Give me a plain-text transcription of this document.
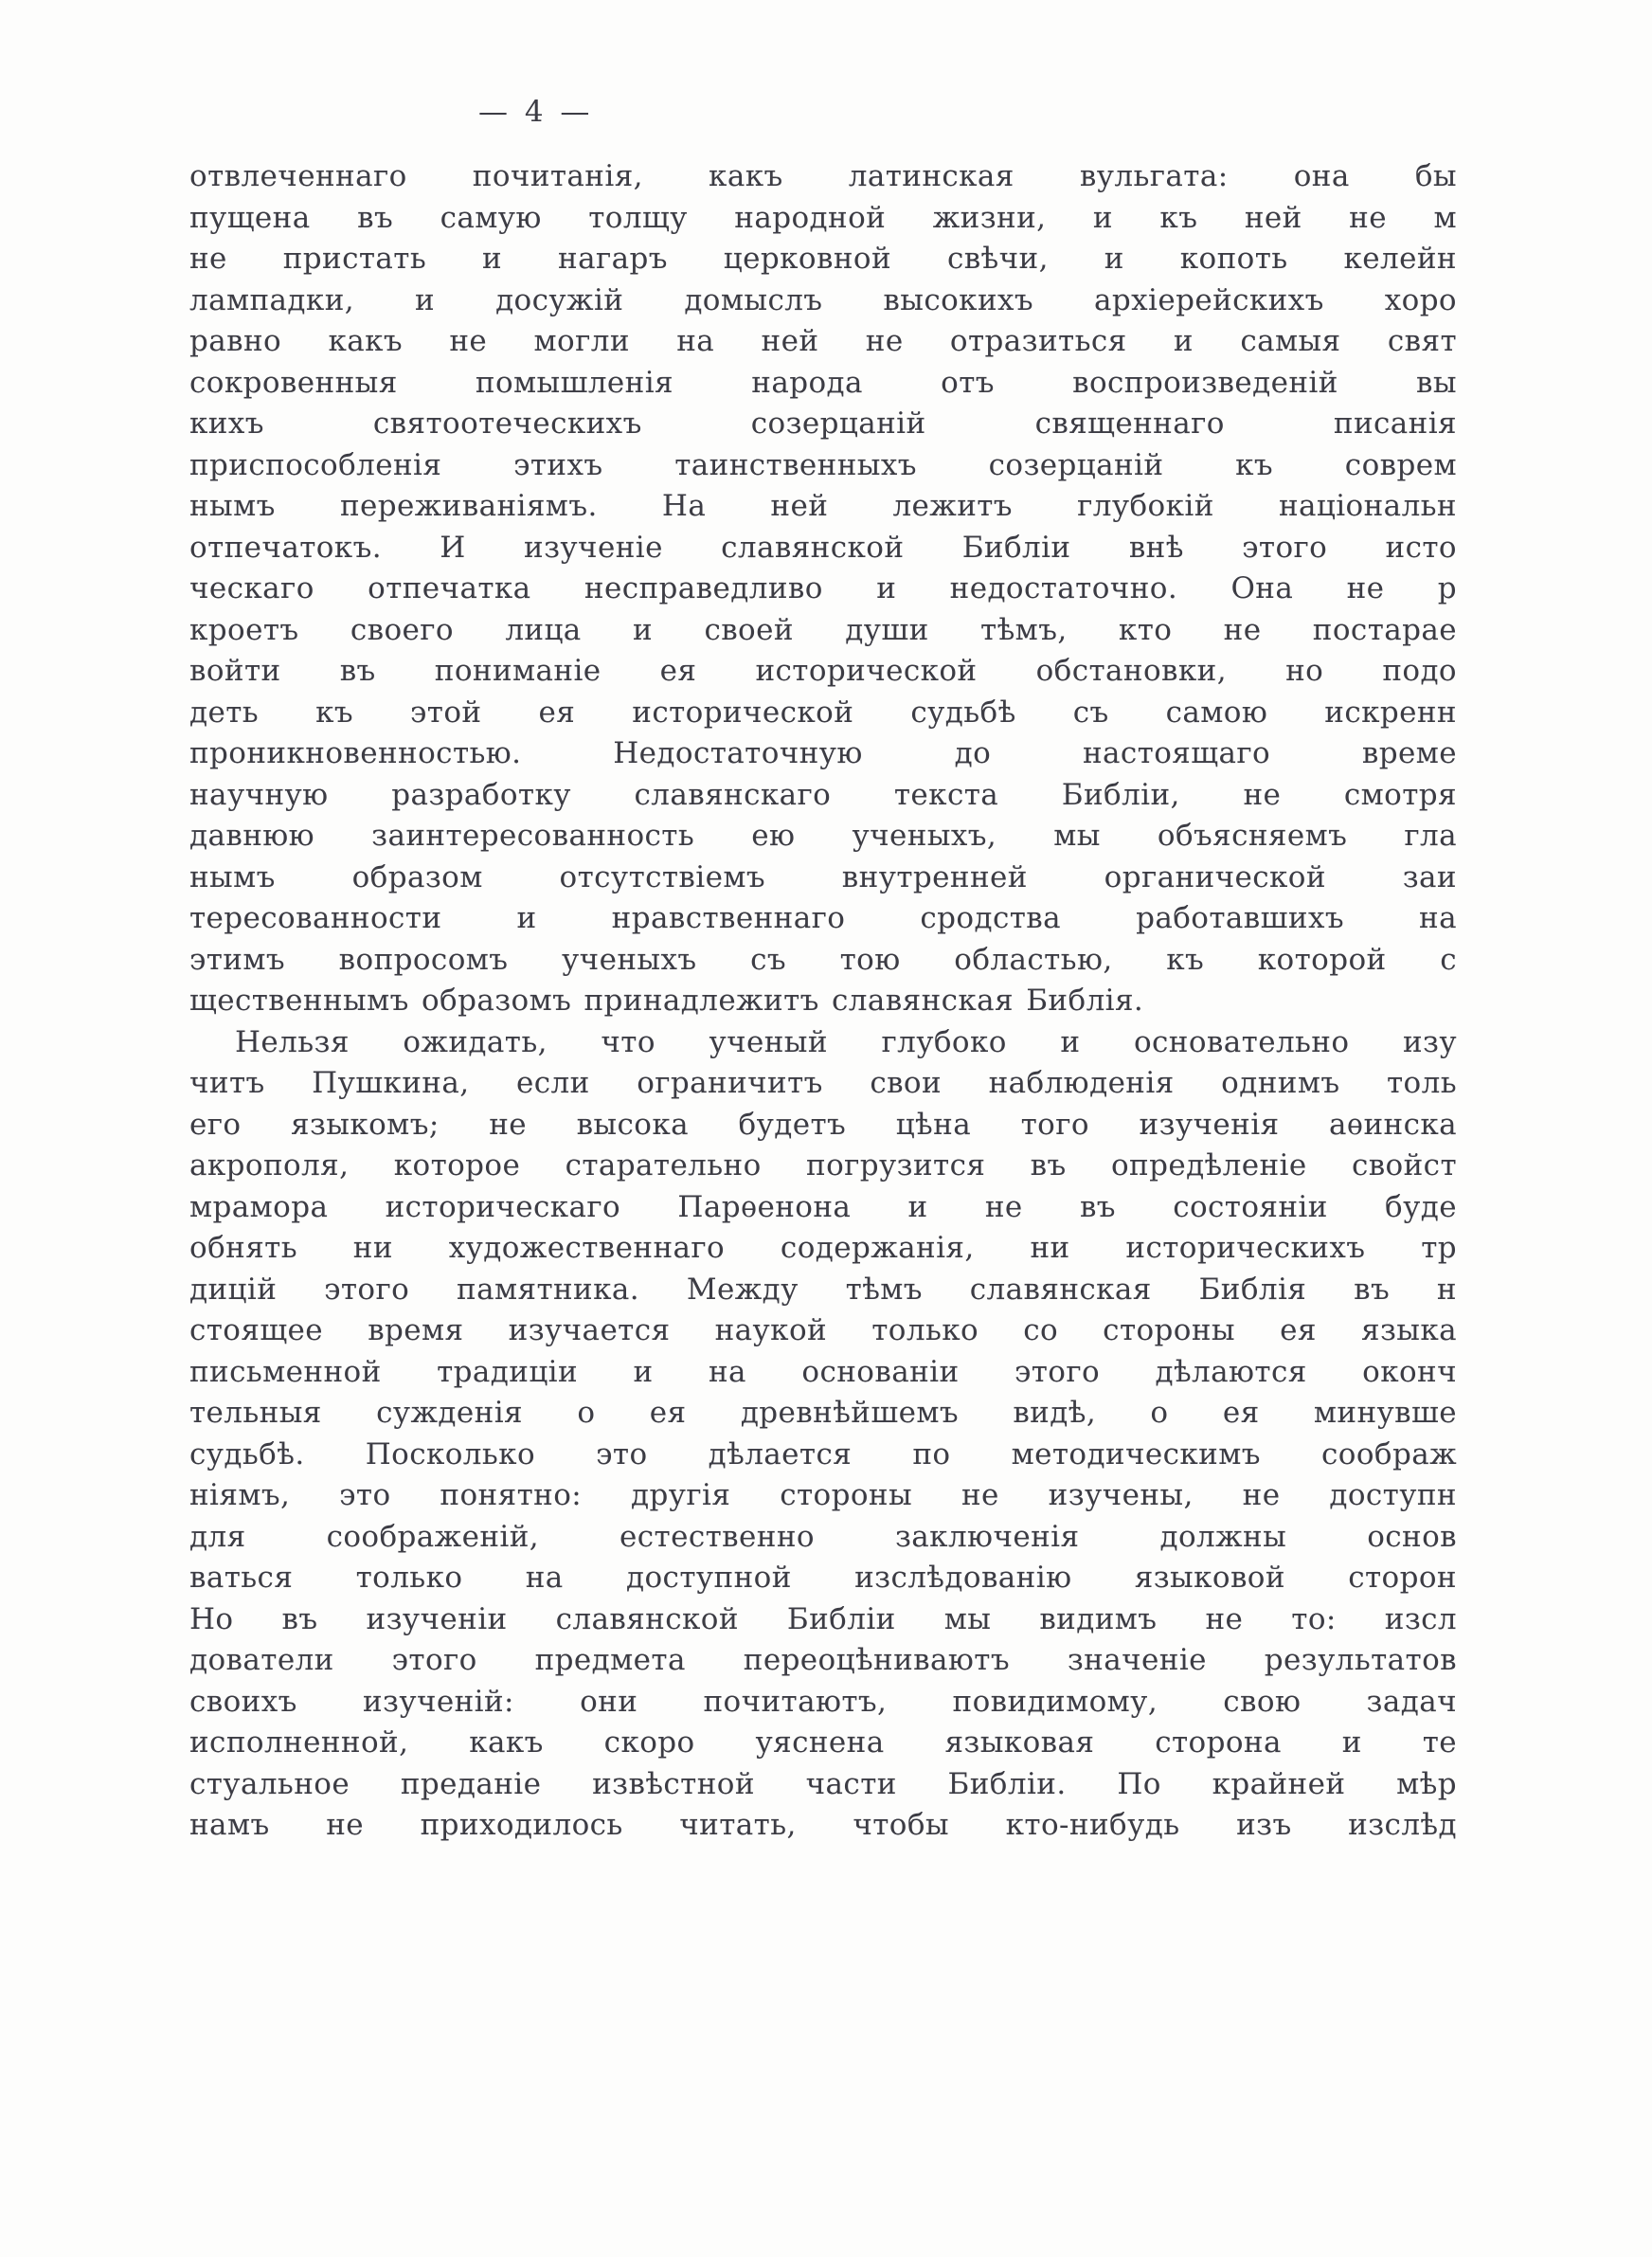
— 4 —
отвлеченнаго почитанія, какъ латинская вульгата: она бы
пущена въ самую толщу народной жизни, и къ ней не м
не пристать и нагаръ церковной свѣчи, и копоть келейн
лампадки, и досужій домыслъ высокихъ архіерейскихъ хоро
равно какъ не могли на ней не отразиться и самыя свят
сокровенныя помышленія народа отъ воспроизведеній вы
кихъ святоотеческихъ созерцаній священнаго писанія
приспособленія этихъ таинственныхъ созерцаній къ соврем
нымъ переживаніямъ. На ней лежитъ глубокій національн
отпечатокъ. И изученіе славянской Библіи внѣ этого исто
ческаго отпечатка несправедливо и недостаточно. Она не р
кроетъ своего лица и своей души тѣмъ, кто не постарае
войти въ пониманіе ея исторической обстановки, но подо
деть къ этой ея исторической судьбѣ съ самою искренн
проникновенностью. Недостаточную до настоящаго време
научную разработку славянскаго текста Библіи, не смотря
давнюю заинтересованность ею ученыхъ, мы объясняемъ гла
нымъ образом отсутствіемъ внутренней органической заи
тересованности и нравственнаго сродства работавшихъ на
этимъ вопросомъ ученыхъ съ тою областью, къ которой с
щественнымъ образомъ принадлежитъ славянская Библія.
Нельзя ожидать, что ученый глубоко и основательно изу
читъ Пушкина, если ограничитъ свои наблюденія однимъ толь
его языкомъ; не высока будетъ цѣна того изученія аѳинска
акрополя, которое старательно погрузится въ опредѣленіе свойст
мрамора историческаго Парѳенона и не въ состояніи буде
обнять ни художественнаго содержанія, ни историческихъ тр
дицій этого памятника. Между тѣмъ славянская Библія въ н
стоящее время изучается наукой только со стороны ея языка
письменной традиціи и на основаніи этого дѣлаются оконч
тельныя сужденія о ея древнѣйшемъ видѣ, о ея минувше
судьбѣ. Посколько это дѣлается по методическимъ соображ
ніямъ, это понятно: другія стороны не изучены, не доступн
для соображеній, естественно заключенія должны основ
ваться только на доступной изслѣдованію языковой сторон
Но въ изученіи славянской Библіи мы видимъ не то: изсл
дователи этого предмета переоцѣниваютъ значеніе результатов
своихъ изученій: они почитаютъ, повидимому, свою задач
исполненной, какъ скоро уяснена языковая сторона и те
стуальное преданіе извѣстной части Библіи. По крайней мѣр
намъ не приходилось читать, чтобы кто-нибудь изъ изслѣд
